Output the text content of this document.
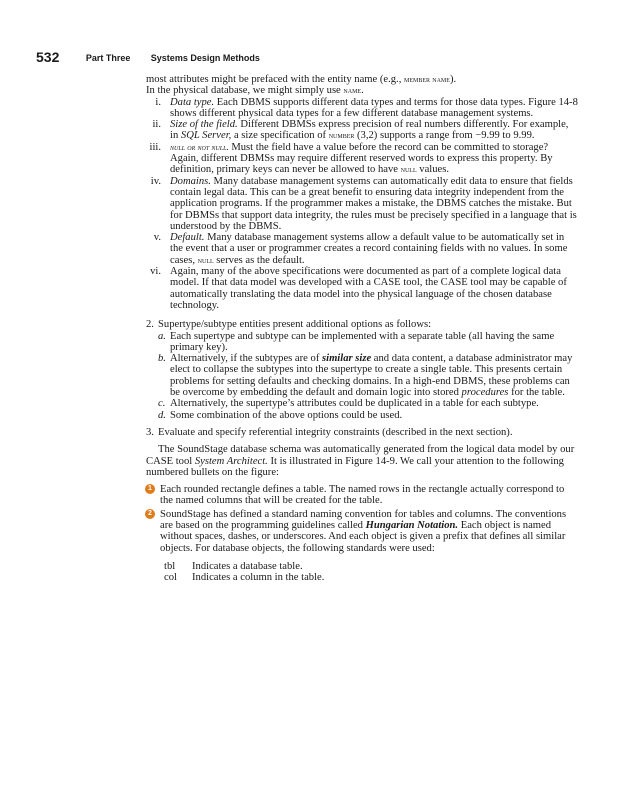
532	Part Three Systems Design Methods

most attributes might be prefaced with the entity name (e.g., member name).

In the physical database, we might simply use name.

i. Data type. Each DBMS supports different data types and terms for those data types. Figure 14-8 shows different physical data types for a few different database management systems.
ii. Size of the field. Different DBMSs express precision of real numbers differently. For example, in SQL Server, a size specification of number (3,2) supports a range from −9.99 to 9.99.
iii. null or not null. Must the field have a value before the record can be committed to storage? Again, different DBMSs may require different reserved words to express this property. By definition, primary keys can never be allowed to have null values.
iv. Domains. Many database management systems can automatically edit data to ensure that fields contain legal data. This can be a great benefit to ensuring data integrity independent from the application programs. If the programmer makes a mistake, the DBMS catches the mistake. But for DBMSs that support data integrity, the rules must be precisely specified in a language that is understood by the DBMS.
v. Default. Many database management systems allow a default value to be automatically set in the event that a user or programmer creates a record containing fields with no values. In some cases, null serves as the default.
vi. Again, many of the above specifications were documented as part of a complete logical data model. If that data model was developed with a CASE tool, the CASE tool may be capable of automatically translating the data model into the physical language of the chosen database technology.
2. Supertype/subtype entities present additional options as follows:
a. Each supertype and subtype can be implemented with a separate table (all having the same primary key).
b. Alternatively, if the subtypes are of similar size and data content, a database administrator may elect to collapse the subtypes into the supertype to create a single table. This presents certain problems for setting defaults and checking domains. In a high-end DBMS, these problems can be overcome by embedding the default and domain logic into stored procedures for the table.
c. Alternatively, the supertype’s attributes could be duplicated in a table for each subtype.
d. Some combination of the above options could be used.
3. Evaluate and specify referential integrity constraints (described in the next section).

The SoundStage database schema was automatically generated from the logical data model by our CASE tool System Architect. It is illustrated in Figure 14-9. We call your attention to the following numbered bullets on the figure:

1 Each rounded rectangle defines a table. The named rows in the rectangle actually correspond to the named columns that will be created for the table.
2 SoundStage has defined a standard naming convention for tables and columns. The conventions are based on the programming guidelines called Hungarian Notation. Each object is named without spaces, dashes, or underscores. And each object is given a prefix that defines all similar objects. For database objects, the following standards were used:
tbl	Indicates a database table.
col	Indicates a column in the table.
